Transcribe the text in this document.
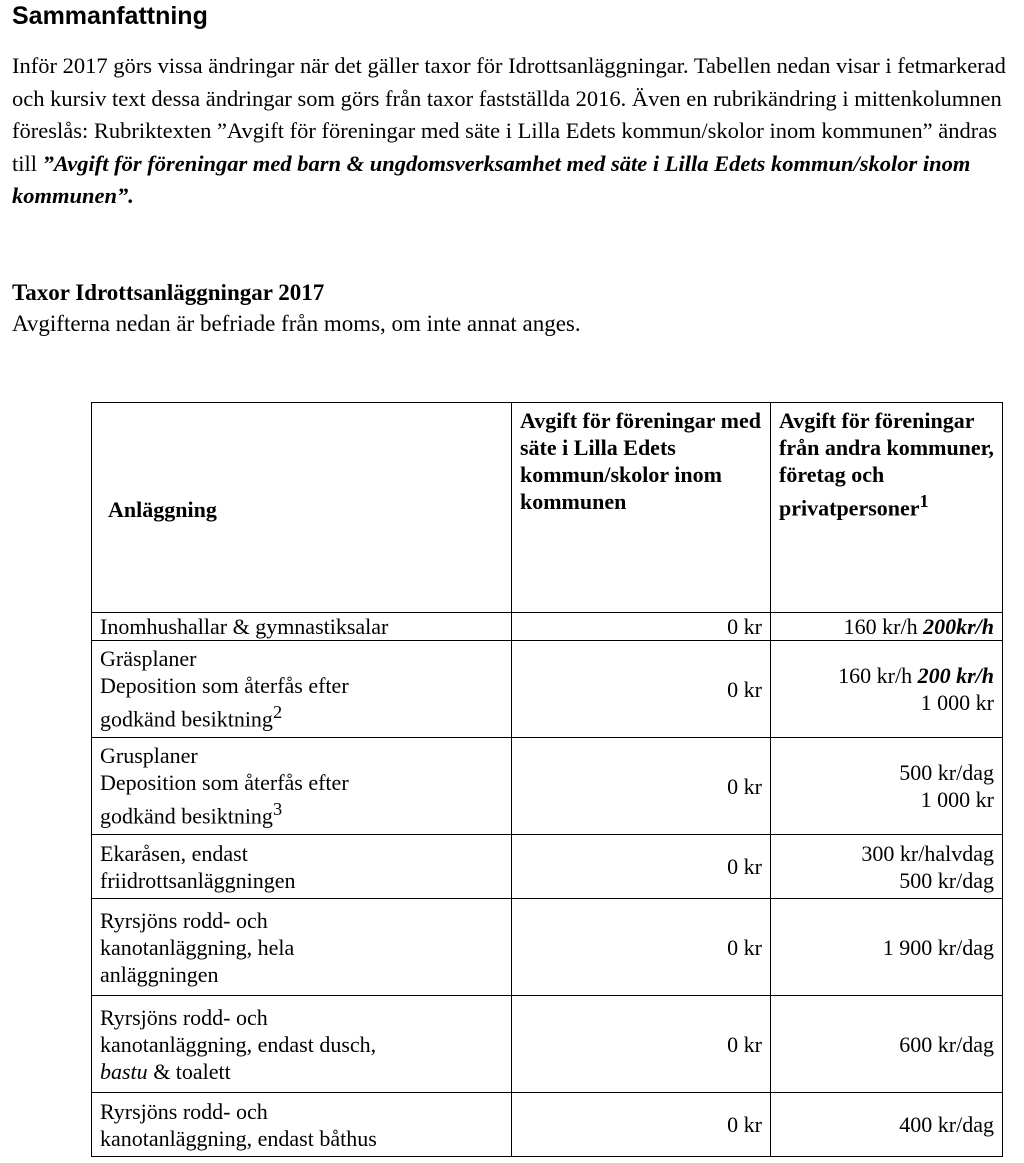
Sammanfattning
Inför 2017 görs vissa ändringar när det gäller taxor för Idrottsanläggningar. Tabellen nedan visar i fetmarkerad och kursiv text dessa ändringar som görs från taxor fastställda 2016. Även en rubrikändring i mittenkolumnen föreslås: Rubriktexten ”Avgift för föreningar med säte i Lilla Edets kommun/skolor inom kommunen” ändras till ”Avgift för föreningar med barn & ungdomsverksamhet med säte i Lilla Edets kommun/skolor inom kommunen”.
Taxor Idrottsanläggningar 2017
Avgifterna nedan är befriade från moms, om inte annat anges.
Anläggning	Avgift för föreningar med säte i Lilla Edets kommun/skolor inom kommunen	Avgift för föreningar från andra kommuner, företag och privatpersoner$^1$
Inomhushallar & gymnastiksalar	0 kr	160 kr/h 200kr/h

Gräsplaner
Deposition som återfås efter
godkänd besiktning$^2$	0 kr	160 kr/h 200 kr/h
1 000 kr

Grusplaner
Deposition som återfås efter
godkänd besiktning$^3$	0 kr	500 kr/dag
1 000 kr

Ekaråsen, endast
friidrottsanläggningen	0 kr	300 kr/halvdag
500 kr/dag

Ryrsjöns rodd- och
kanotanläggning, hela
anläggningen	0 kr	1 900 kr/dag

Ryrsjöns rodd- och
kanotanläggning, endast dusch,
bastu & toalett	0 kr	600 kr/dag

Ryrsjöns rodd- och
kanotanläggning, endast båthus	0 kr	400 kr/dag
